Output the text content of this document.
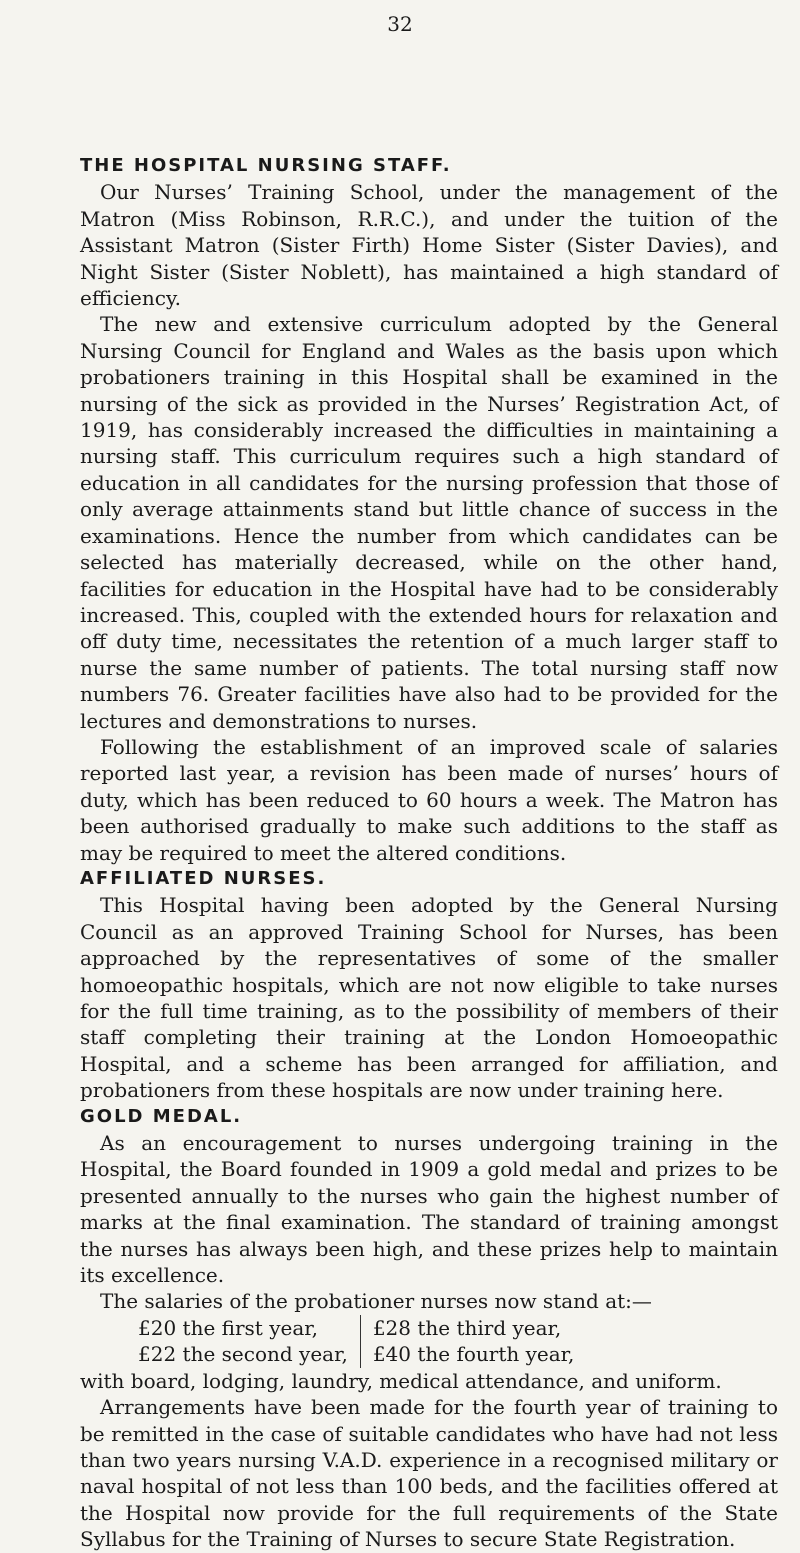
32
THE HOSPITAL NURSING STAFF.

Our Nurses’ Training School, under the management of the Matron (Miss Robinson, R.R.C.), and under the tuition of the Assistant Matron (Sister Firth) Home Sister (Sister Davies), and Night Sister (Sister Noblett), has maintained a high standard of efficiency.

The new and extensive curriculum adopted by the General Nursing Council for England and Wales as the basis upon which probationers training in this Hospital shall be examined in the nursing of the sick as provided in the Nurses’ Registration Act, of 1919, has considerably increased the difficulties in maintaining a nursing staff. This curriculum requires such a high standard of education in all candidates for the nursing profession that those of only average attainments stand but little chance of success in the examinations. Hence the number from which candidates can be selected has materially decreased, while on the other hand, facilities for education in the Hospital have had to be considerably increased. This, coupled with the extended hours for relaxation and off duty time, necessitates the retention of a much larger staff to nurse the same number of patients. The total nursing staff now numbers 76. Greater facilities have also had to be provided for the lectures and demonstrations to nurses.

Following the establishment of an improved scale of salaries reported last year, a revision has been made of nurses’ hours of duty, which has been reduced to 60 hours a week. The Matron has been authorised gradually to make such additions to the staff as may be required to meet the altered conditions.

AFFILIATED NURSES.

This Hospital having been adopted by the General Nursing Council as an approved Training School for Nurses, has been approached by the representatives of some of the smaller homoeopathic hospitals, which are not now eligible to take nurses for the full time training, as to the possibility of members of their staff completing their training at the London Homoeopathic Hospital, and a scheme has been arranged for affiliation, and probationers from these hospitals are now under training here.

GOLD MEDAL.

As an encouragement to nurses undergoing training in the Hospital, the Board founded in 1909 a gold medal and prizes to be presented annually to the nurses who gain the highest number of marks at the final examination. The standard of training amongst the nurses has always been high, and these prizes help to maintain its excellence.

The salaries of the probationer nurses now stand at:—

£20 the first year,	£28 the third year,
£22 the second year,	£40 the fourth year,

with board, lodging, laundry, medical attendance, and uniform.

Arrangements have been made for the fourth year of training to be remitted in the case of suitable candidates who have had not less than two years nursing V.A.D. experience in a recognised military or naval hospital of not less than 100 beds, and the facilities offered at the Hospital now provide for the full requirements of the State Syllabus for the Training of Nurses to secure State Registration.
